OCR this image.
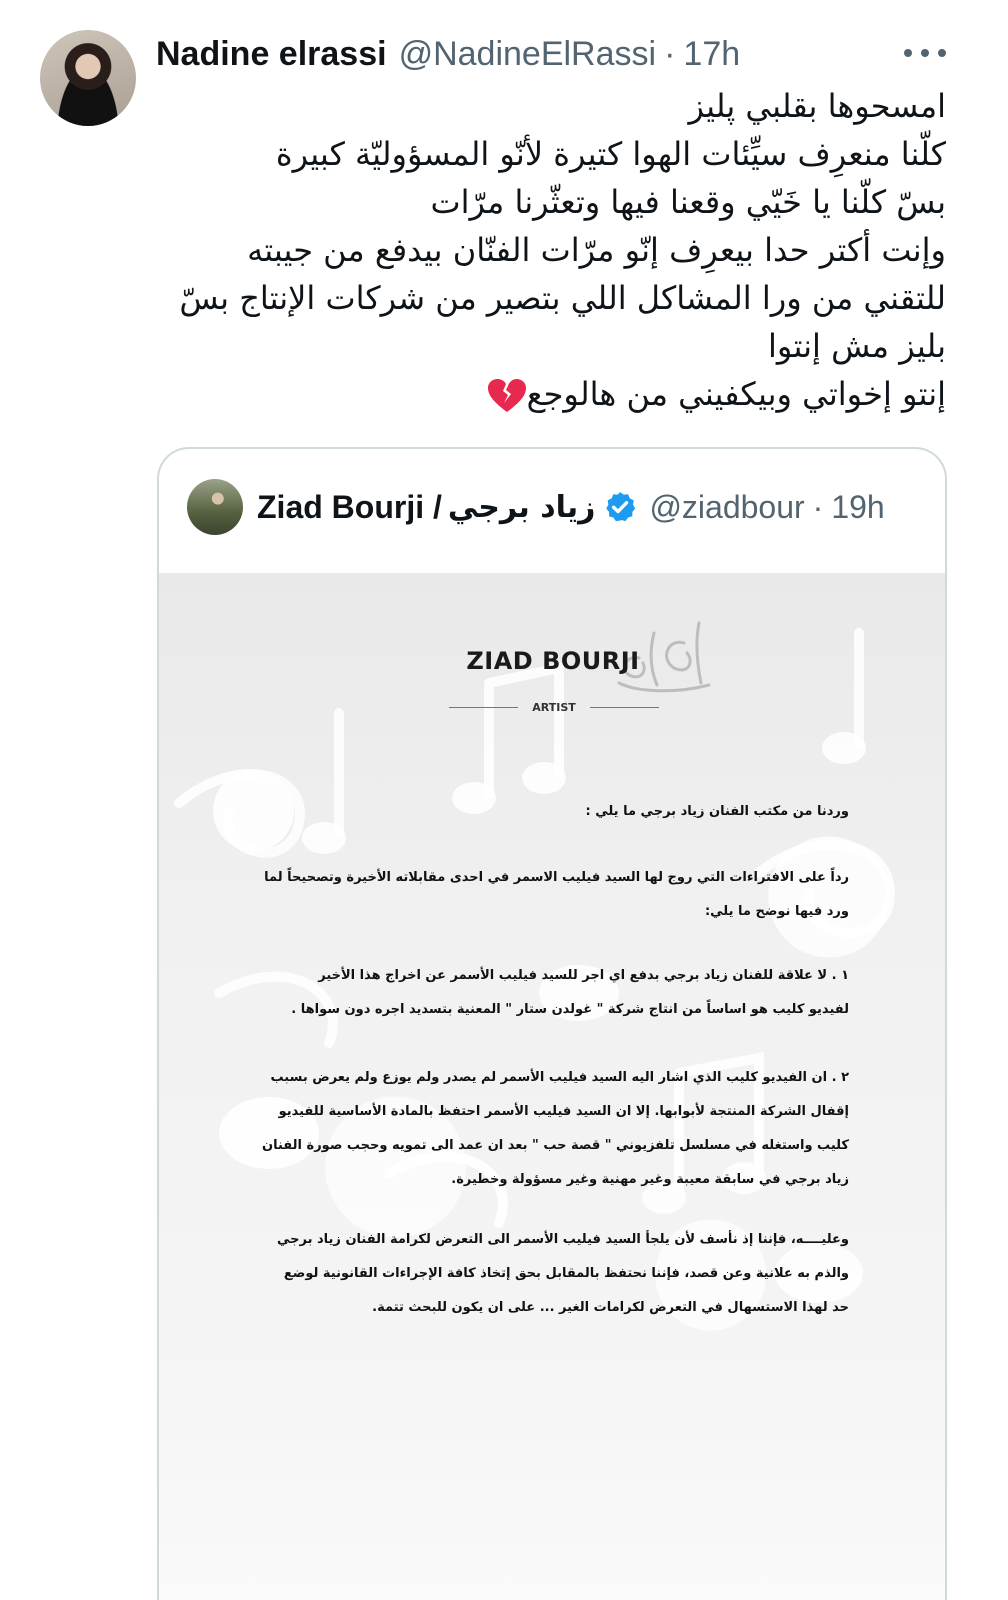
Nadine elrassi @NadineElRassi · 17h
امسحوها بقلبي پليز
كلّنا منعرِف سيِّئات الهوا كتيرة لأنّو المسؤوليّة كبيرة
بسّ كلّنا يا خَيّي وقعنا فيها وتعثّرنا مرّات
وإنت أكتر حدا بيعرِف إنّو مرّات الفنّان بيدفع من جيبته
للتقني من ورا المشاكل اللي بتصير من شركات الإنتاج بسّ
بليز مش إنتوا
إنتو إخواتي وبيكفيني من هالوجع
Ziad Bourji / زياد برجي @ziadbour · 19h
ZIAD BOURJI
ARTIST
وردنا من مكتب الفنان زياد برجي ما يلي :
رداً على الافتراءات التي روج لها السيد فيليب الاسمر في احدى مقابلاته الأخيرة وتصحيحاً لما
ورد فيها نوضح ما يلي:
١ . لا علاقة للفنان زياد برجي بدفع اي اجر للسيد فيليب الأسمر عن اخراج هذا الأخير
لفيديو كليب هو اساساً من انتاج شركة " غولدن ستار " المعنية بتسديد اجره دون سواها .
٢ . ان الفيديو كليب الذي اشار اليه السيد فيليب الأسمر لم يصدر ولم يوزع ولم يعرض بسبب
إقفال الشركة المنتجة لأبوابها. إلا ان السيد فيليب الأسمر احتفظ بالمادة الأساسية للفيديو
كليب واستغله في مسلسل تلفزيوني " قصة حب " بعد ان عمد الى تمويه وحجب صورة الفنان
زياد برجي في سابقة معيبة وغير مهنية وغير مسؤولة وخطيرة.
وعليــــه، فإننا إذ نأسف لأن يلجأ السيد فيليب الأسمر الى التعرض لكرامة الفنان زياد برجي
والذم به علانية وعن قصد، فإننا نحتفظ بالمقابل بحق إتخاذ كافة الإجراءات القانونية لوضع
حد لهذا الاستسهال في التعرض لكرامات الغير ... على ان يكون للبحث تتمة.
